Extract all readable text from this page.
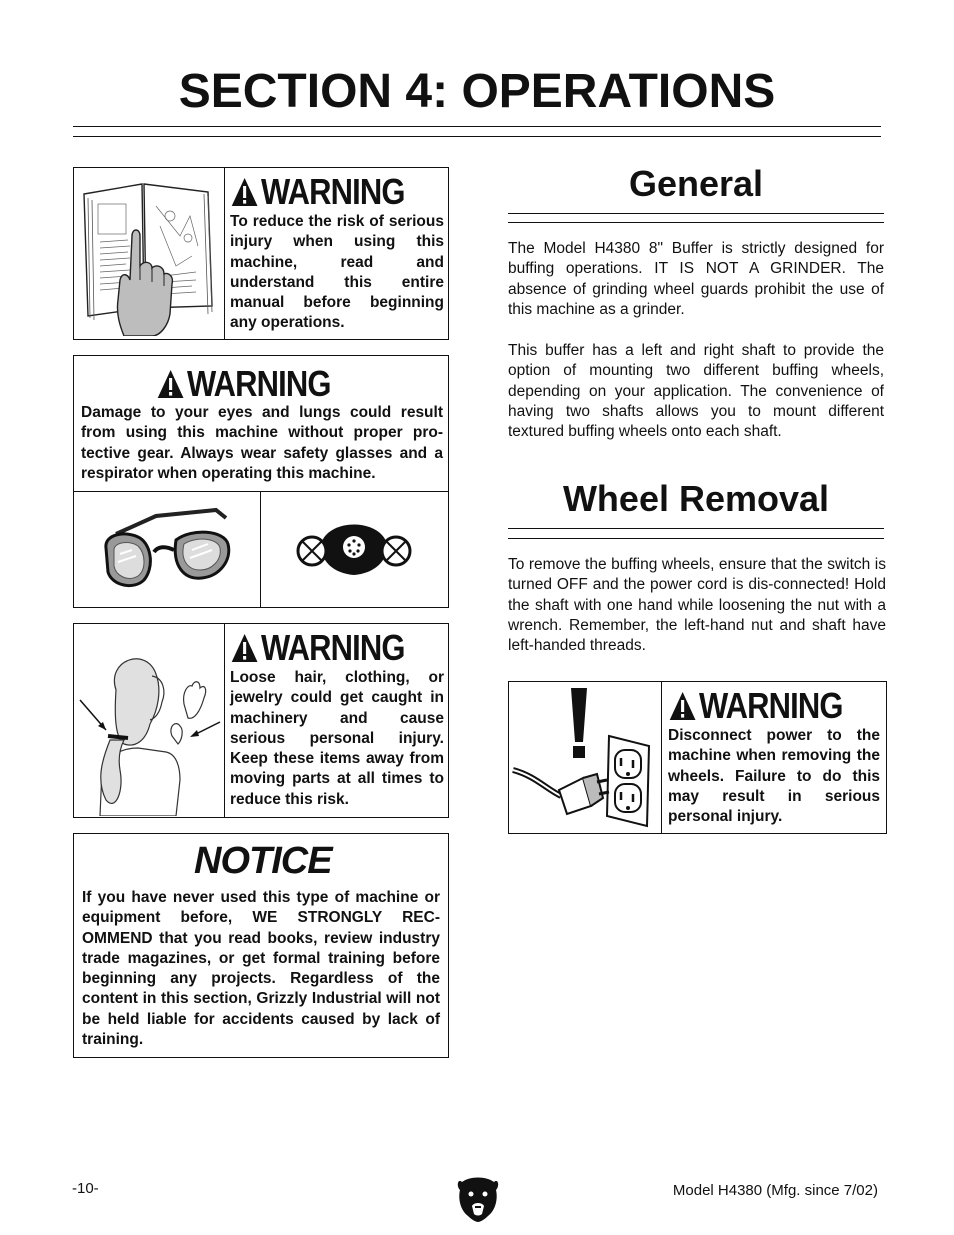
SECTION 4: OPERATIONS
WARNING
To reduce the risk of serious injury when using this machine, read and understand this entire manual before beginning any operations.
WARNING
Damage to your eyes and lungs could result from using this machine without proper pro-tective gear. Always wear safety glasses and a respirator when operating this machine.
WARNING
Loose hair, clothing, or jewelry could get caught in machinery and cause serious personal injury. Keep these items away from moving parts at all times to reduce this risk.
NOTICE
If you have never used this type of machine or equipment before, WE STRONGLY REC-OMMEND that you read books, review industry trade magazines, or get formal training before beginning any projects. Regardless of the content in this section, Grizzly Industrial will not be held liable for accidents caused by lack of training.
General
The Model H4380 8" Buffer is strictly designed for buffing operations. IT IS NOT A GRINDER. The absence of grinding wheel guards prohibit the use of this machine as a grinder.
This buffer has a left and right shaft to provide the option of mounting two different buffing wheels, depending on your application. The convenience of having two shafts allows you to mount different textured buffing wheels onto each shaft.
Wheel Removal
To remove the buffing wheels, ensure that the switch is turned OFF and the power cord is dis-connected! Hold the shaft with one hand while loosening the nut with a wrench. Remember, the left-hand nut and shaft have left-handed threads.
WARNING
Disconnect power to the machine when removing the wheels. Failure to do this may result in serious personal injury.
-10-	Model H4380 (Mfg. since 7/02)
